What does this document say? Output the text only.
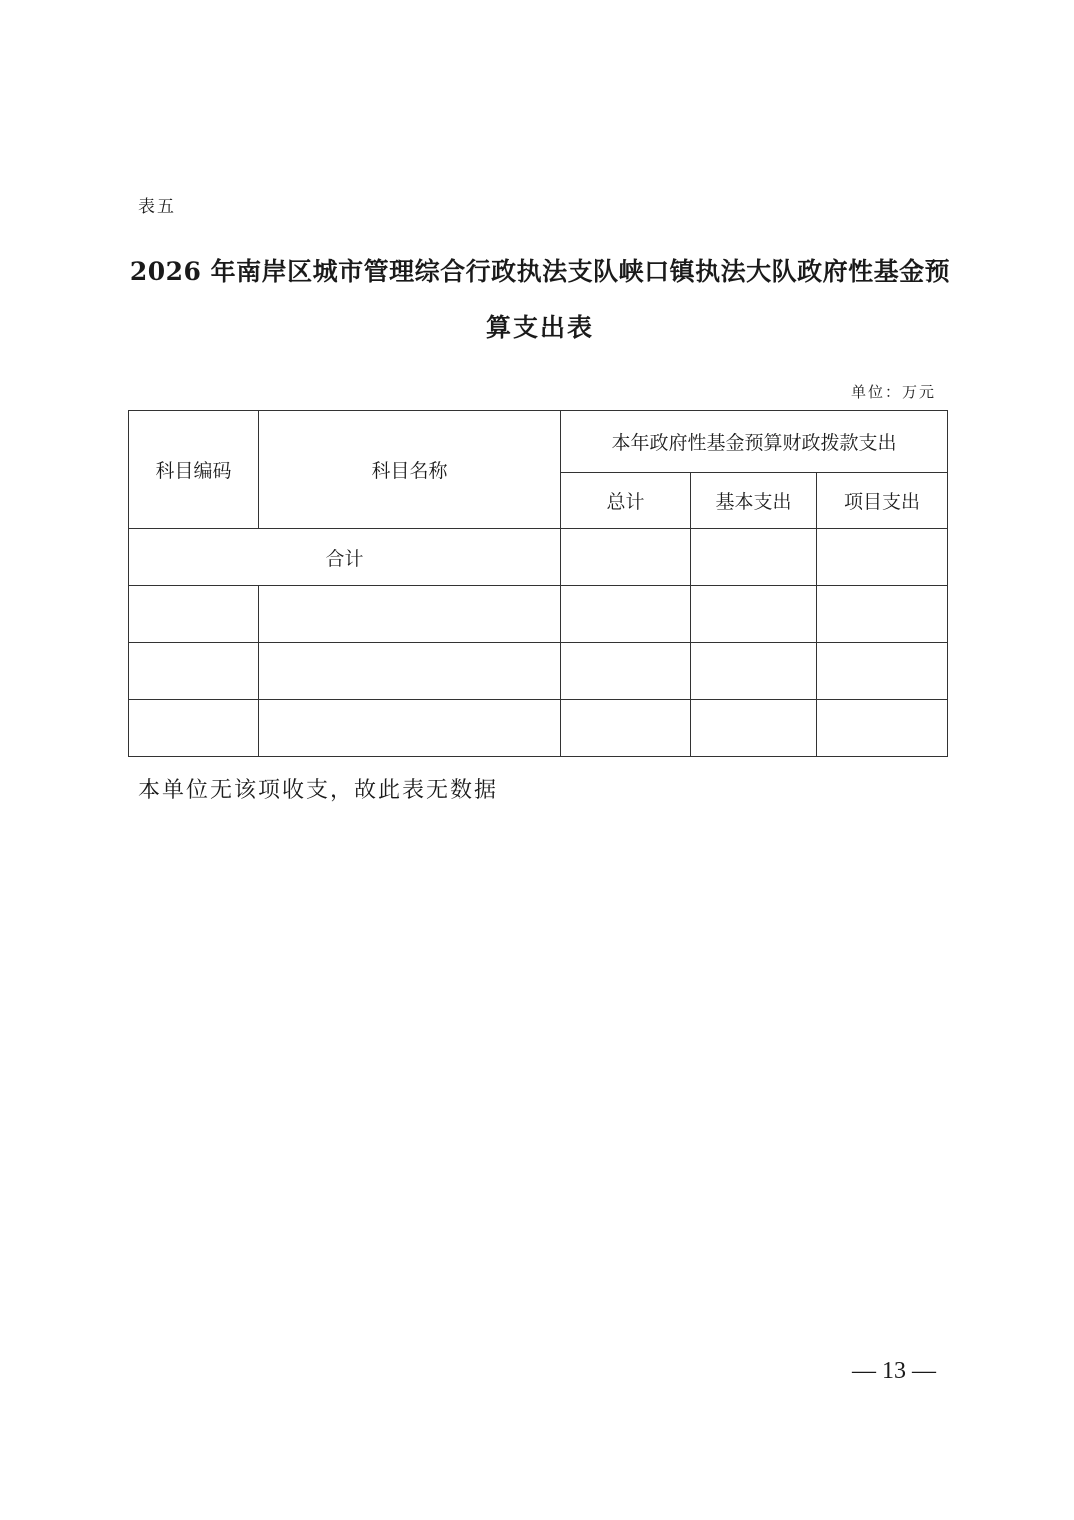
表五
2026 年南岸区城市管理综合行政执法支队峡口镇执法大队政府性基金预
算支出表
单位：万元
科目编码	科目名称	本年政府性基金预算财政拨款支出		
		总计	基本支出	项目支出
合计				

本单位无该项收支，故此表无数据
— 13 —
